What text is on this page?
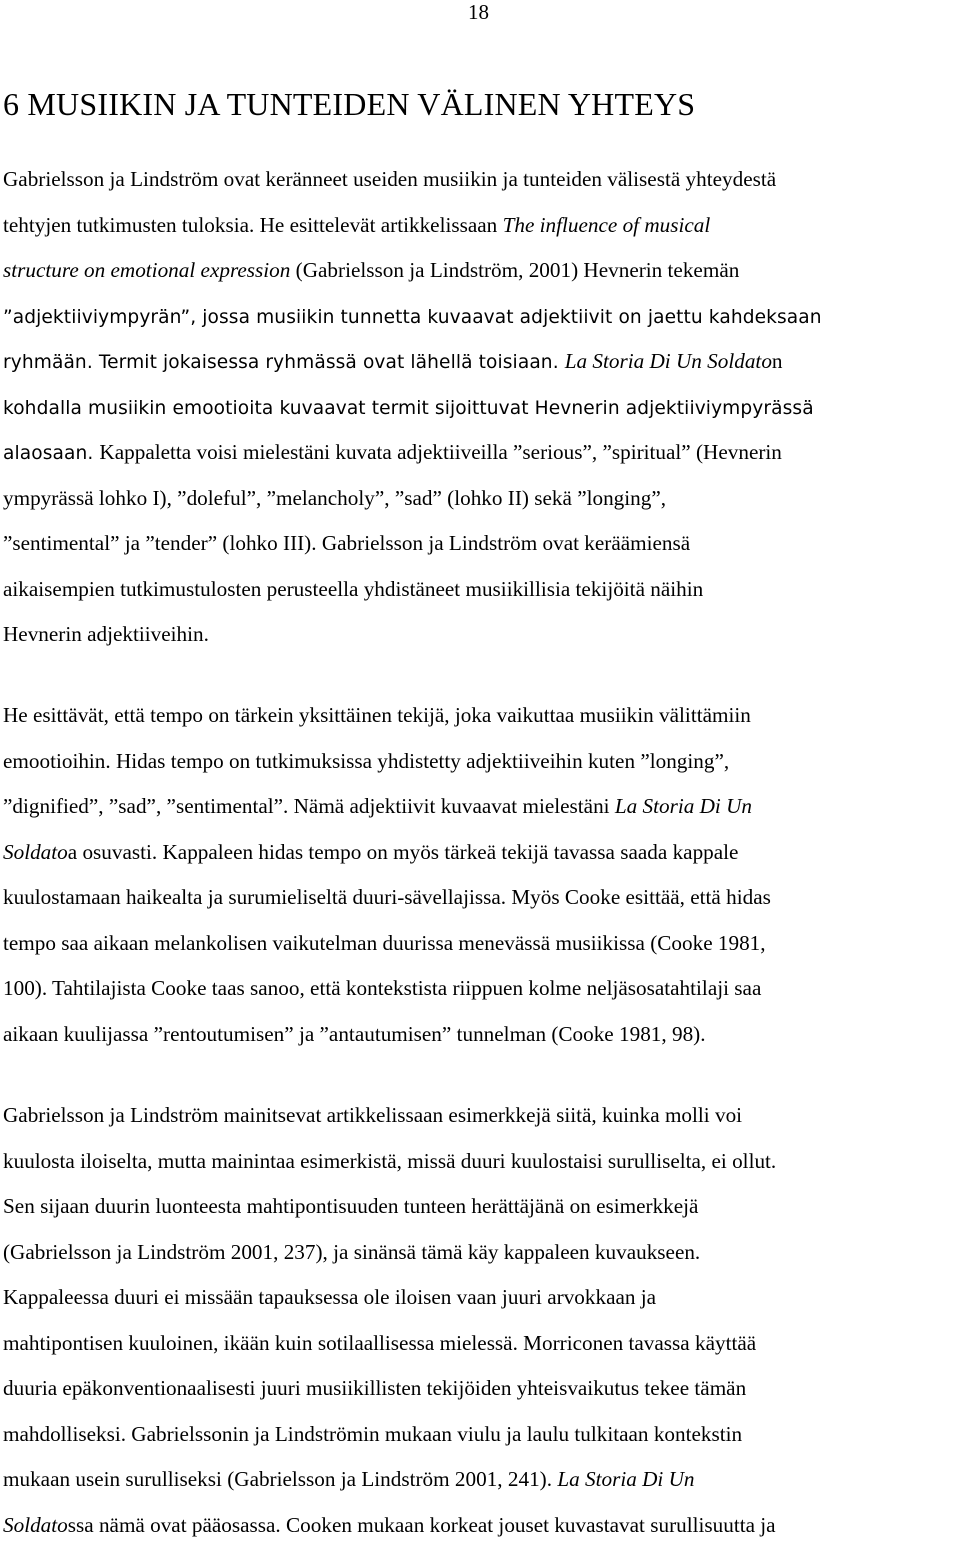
18
6 MUSIIKIN JA TUNTEIDEN VÄLINEN YHTEYS
Gabrielsson ja Lindström ovat keränneet useiden musiikin ja tunteiden välisestä yhteydestä
tehtyjen tutkimusten tuloksia. He esittelevät artikkelissaan The influence of musical
structure on emotional expression (Gabrielsson ja Lindström, 2001) Hevnerin tekemän
”adjektiiviympyrän”, jossa musiikin tunnetta kuvaavat adjektiivit on jaettu kahdeksaan
ryhmään. Termit jokaisessa ryhmässä ovat lähellä toisiaan. La Storia Di Un Soldaton
kohdalla musiikin emootioita kuvaavat termit sijoittuvat Hevnerin adjektiiviympyrässä
alaosaan. Kappaletta voisi mielestäni kuvata adjektiiveilla ”serious”, ”spiritual” (Hevnerin
ympyrässä lohko I), ”doleful”, ”melancholy”, ”sad” (lohko II) sekä ”longing”,
”sentimental” ja ”tender” (lohko III). Gabrielsson ja Lindström ovat keräämiensä
aikaisempien tutkimustulosten perusteella yhdistäneet musiikillisia tekijöitä näihin
Hevnerin adjektiiveihin.
He esittävät, että tempo on tärkein yksittäinen tekijä, joka vaikuttaa musiikin välittämiin
emootioihin. Hidas tempo on tutkimuksissa yhdistetty adjektiiveihin kuten ”longing”,
”dignified”, ”sad”, ”sentimental”. Nämä adjektiivit kuvaavat mielestäni La Storia Di Un
Soldatoa osuvasti. Kappaleen hidas tempo on myös tärkeä tekijä tavassa saada kappale
kuulostamaan haikealta ja surumieliseltä duuri-sävellajissa. Myös Cooke esittää, että hidas
tempo saa aikaan melankolisen vaikutelman duurissa menevässä musiikissa (Cooke 1981,
100). Tahtilajista Cooke taas sanoo, että kontekstista riippuen kolme neljäsosatahtilaji saa
aikaan kuulijassa ”rentoutumisen” ja ”antautumisen” tunnelman (Cooke 1981, 98).
Gabrielsson ja Lindström mainitsevat artikkelissaan esimerkkejä siitä, kuinka molli voi
kuulosta iloiselta, mutta mainintaa esimerkistä, missä duuri kuulostaisi surulliselta, ei ollut.
Sen sijaan duurin luonteesta mahtipontisuuden tunteen herättäjänä on esimerkkejä
(Gabrielsson ja Lindström 2001, 237), ja sinänsä tämä käy kappaleen kuvaukseen.
Kappaleessa duuri ei missään tapauksessa ole iloisen vaan juuri arvokkaan ja
mahtipontisen kuuloinen, ikään kuin sotilaallisessa mielessä. Morriconen tavassa käyttää
duuria epäkonventionaalisesti juuri musiikillisten tekijöiden yhteisvaikutus tekee tämän
mahdolliseksi. Gabrielssonin ja Lindströmin mukaan viulu ja laulu tulkitaan kontekstin
mukaan usein surulliseksi (Gabrielsson ja Lindström 2001, 241). La Storia Di Un
Soldatossa nämä ovat pääosassa. Cooken mukaan korkeat jouset kuvastavat surullisuutta ja
